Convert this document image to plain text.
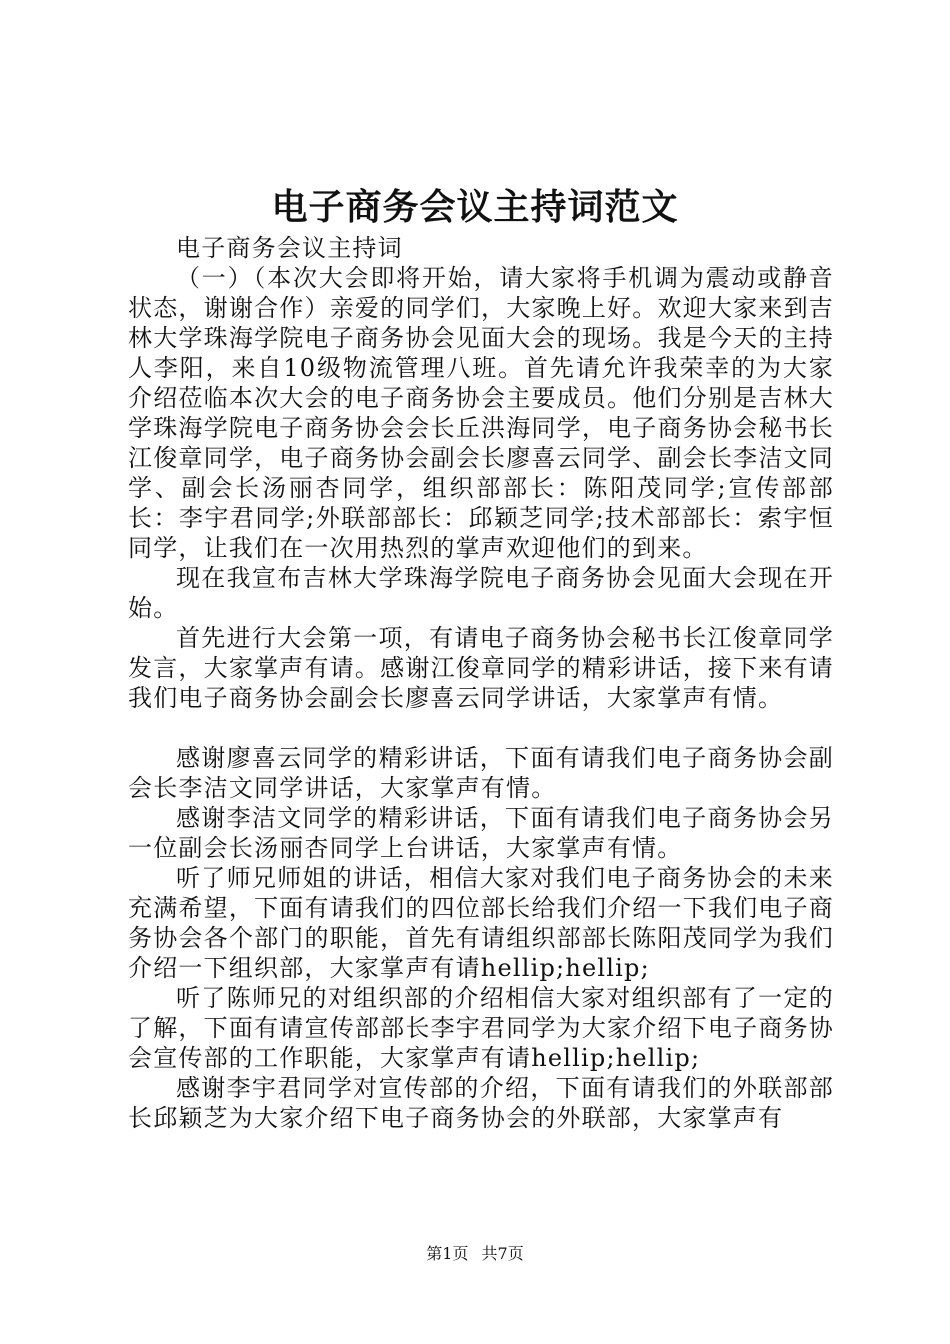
电子商务会议主持词范文

电子商务会议主持词

（一）（本次大会即将开始，请大家将手机调为震动或静音状态，谢谢合作）亲爱的同学们，大家晚上好。欢迎大家来到吉林大学珠海学院电子商务协会见面大会的现场。我是今天的主持人李阳，来自10级物流管理八班。首先请允许我荣幸的为大家介绍莅临本次大会的电子商务协会主要成员。他们分别是吉林大学珠海学院电子商务协会会长丘洪海同学，电子商务协会秘书长江俊章同学，电子商务协会副会长廖喜云同学、副会长李洁文同学、副会长汤丽杏同学，组织部部长：陈阳茂同学;宣传部部长：李宇君同学;外联部部长：邱颖芝同学;技术部部长：索宇恒同学，让我们在一次用热烈的掌声欢迎他们的到来。

现在我宣布吉林大学珠海学院电子商务协会见面大会现在开始。

首先进行大会第一项，有请电子商务协会秘书长江俊章同学发言，大家掌声有请。感谢江俊章同学的精彩讲话，接下来有请我们电子商务协会副会长廖喜云同学讲话，大家掌声有情。

感谢廖喜云同学的精彩讲话，下面有请我们电子商务协会副会长李洁文同学讲话，大家掌声有情。

感谢李洁文同学的精彩讲话，下面有请我们电子商务协会另一位副会长汤丽杏同学上台讲话，大家掌声有情。

听了师兄师姐的讲话，相信大家对我们电子商务协会的未来充满希望，下面有请我们的四位部长给我们介绍一下我们电子商务协会各个部门的职能，首先有请组织部部长陈阳茂同学为我们介绍一下组织部，大家掌声有请hellip;hellip;

听了陈师兄的对组织部的介绍相信大家对组织部有了一定的了解，下面有请宣传部部长李宇君同学为大家介绍下电子商务协会宣传部的工作职能，大家掌声有请hellip;hellip;

感谢李宇君同学对宣传部的介绍，下面有请我们的外联部部长邱颖芝为大家介绍下电子商务协会的外联部，大家掌声有

第1页 共7页
